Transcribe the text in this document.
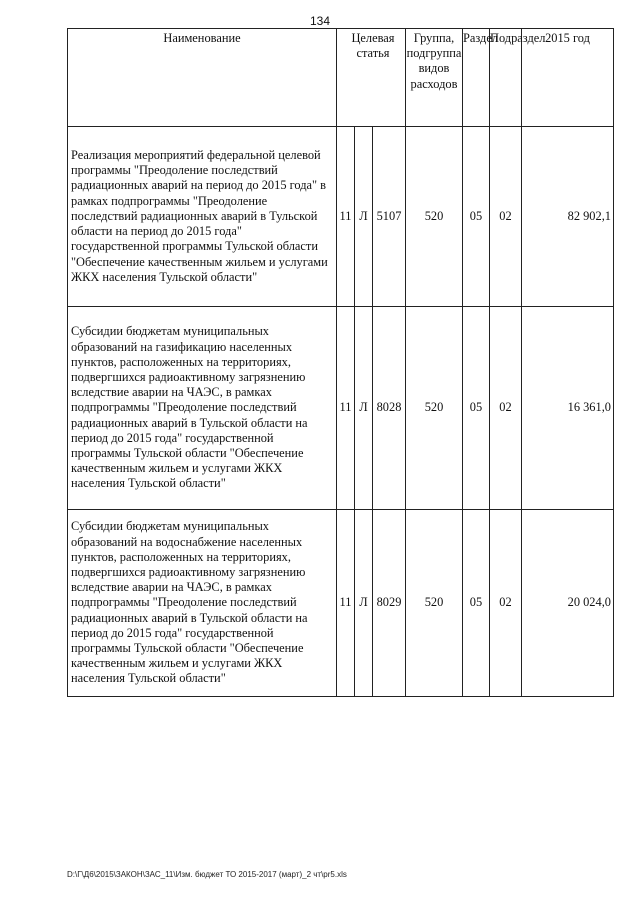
134
Наименование	Целевая статья			Группа, подгруппа видов расходов	Раздел	Подраздел	2015 год
Реализация мероприятий федеральной целевой программы "Преодоление последствий радиационных аварий на период до 2015 года" в рамках подпрограммы "Преодоление последствий радиационных аварий в Тульской области на период до 2015 года" государственной программы Тульской области "Обеспечение качественным жильем и услугами ЖКХ населения Тульской области"	11	Л	5107	520	05	02	82 902,1
Субсидии бюджетам муниципальных образований на газификацию населенных пунктов, расположенных на территориях, подвергшихся радиоактивному загрязнению вследствие аварии на ЧАЭС, в рамках подпрограммы "Преодоление последствий радиационных аварий в Тульской области на период до 2015 года" государственной программы Тульской области "Обеспечение качественным жильем и услугами ЖКХ населения Тульской области"	11	Л	8028	520	05	02	16 361,0
Субсидии бюджетам муниципальных образований на водоснабжение населенных пунктов, расположенных на территориях, подвергшихся радиоактивному загрязнению вследствие аварии на ЧАЭС, в рамках подпрограммы "Преодоление последствий радиационных аварий в Тульской области на период до 2015 года" государственной программы Тульской области "Обеспечение качественным жильем и услугами ЖКХ населения Тульской области"	11	Л	8029	520	05	02	20 024,0
D:\Г\Д6\2015\ЗАКОН\ЗАС_11\Изм. бюджет ТО 2015-2017 (март)_2 чт\pr5.xls
